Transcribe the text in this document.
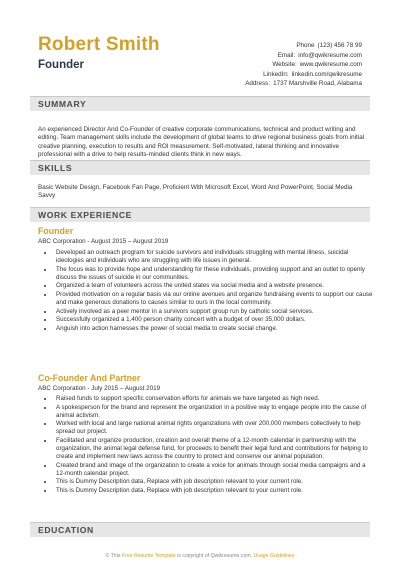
Robert Smith
Founder
Phone (123) 456 78 99
Email: info@qwikresume.com
Website: www.qwikresume.com
LinkedIn: linkedin.com/qwikresume
Address: 1737 Marshville Road, Alabama
SUMMARY
An experienced Director And Co-Founder of creative corporate communications, technical and product writing and editing. Team management skills include the development of global teams to drive regional business goals from initial creative planning, execution to results and ROI measurement. Self-motivated, lateral thinking and innovative professional with a drive to help results-minded clients think in new ways.
SKILLS
Basic Website Design, Facebook Fan Page, Proficient With Microsoft Excel, Word And PowerPoint, Social Media Savvy
WORK EXPERIENCE
Founder
ABC Corporation - August 2015 – August 2019
• Developed an outreach program for suicide survivors and individuals struggling with mental illness, suicidal ideologies and individuals who are struggling with life issues in general.
• The focus was to provide hope and understanding for these individuals, providing support and an outlet to openly discuss the issues of suicide in our communities.
• Organized a team of volunteers across the united states via social media and a website presence.
• Provided motivation on a regular basis via our online avenues and organize fundraising events to support our cause and make generous donations to causes similar to ours in the local community.
• Actively involved as a peer mentor in a survivors support group run by catholic social services.
• Successfully organized a 1,400 person charity concert with a budget of over 35,000 dollars.
• Anguish into action harnesses the power of social media to create social change.
Co-Founder And Partner
ABC Corporation - July 2015 – August 2019
• Raised funds to support specific conservation efforts for animals we have targeted as high need.
• A spokesperson for the brand and represent the organization in a positive way to engage people into the cause of animal activism.
• Worked with local and large national animal rights organizations with over 200,000 members collectively to help spread our project.
• Facilitated and organize production, creation and overall theme of a 12-month calendar in partnership with the organization, the animal legal defense fund, for proceeds to benefit their legal fund and contributions for helping to create and implement new laws across the country to protect and conserve our animal population.
• Created brand and image of the organization to create a voice for animals through social media campaigns and a 12-month calendar project.
• This is Dummy Description data, Replace with job description relevant to your current role.
• This is Dummy Description data, Replace with job description relevant to your current role.
EDUCATION
© This Free Resume Template is copyright of Qwikresume.com. Usage Guidelines
